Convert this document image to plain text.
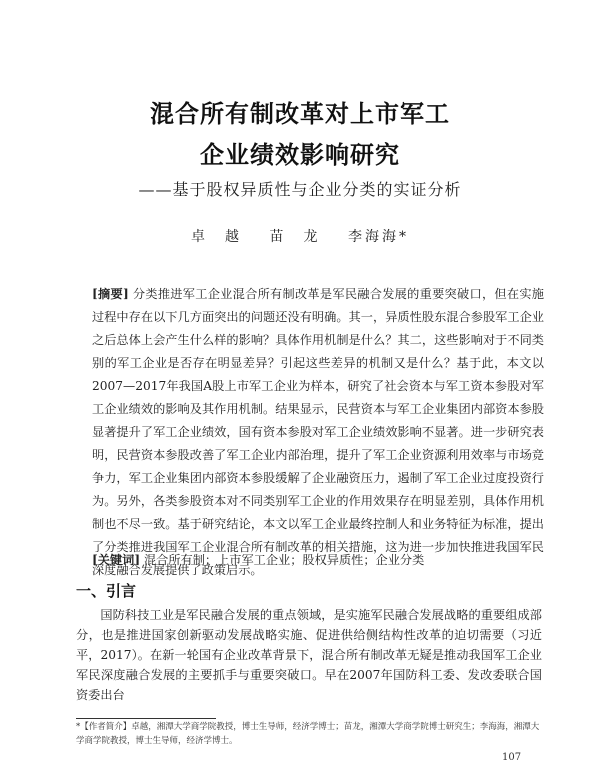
混合所有制改革对上市军工
企业绩效影响研究
——基于股权异质性与企业分类的实证分析
卓　越 苗　龙 李海海*
[摘要] 分类推进军工企业混合所有制改革是军民融合发展的重要突破口，但在实施过程中存在以下几方面突出的问题还没有明确。其一，异质性股东混合参股军工企业之后总体上会产生什么样的影响？具体作用机制是什么？其二，这些影响对于不同类别的军工企业是否存在明显差异？引起这些差异的机制又是什么？基于此，本文以2007—2017年我国A股上市军工企业为样本，研究了社会资本与军工资本参股对军工企业绩效的影响及其作用机制。结果显示，民营资本与军工企业集团内部资本参股显著提升了军工企业绩效，国有资本参股对军工企业绩效影响不显著。进一步研究表明，民营资本参股改善了军工企业内部治理，提升了军工企业资源利用效率与市场竞争力，军工企业集团内部资本参股缓解了企业融资压力，遏制了军工企业过度投资行为。另外，各类参股资本对不同类别军工企业的作用效果存在明显差别，具体作用机制也不尽一致。基于研究结论，本文以军工企业最终控制人和业务特征为标准，提出了分类推进我国军工企业混合所有制改革的相关措施，这为进一步加快推进我国军民深度融合发展提供了政策启示。
[关键词] 混合所有制；上市军工企业；股权异质性；企业分类
一、引言
国防科技工业是军民融合发展的重点领域，是实施军民融合发展战略的重要组成部分，也是推进国家创新驱动发展战略实施、促进供给侧结构性改革的迫切需要（习近平，2017）。在新一轮国有企业改革背景下，混合所有制改革无疑是推动我国军工企业军民深度融合发展的主要抓手与重要突破口。早在2007年国防科工委、发改委联合国资委出台
*【作者简介】卓越，湘潭大学商学院教授，博士生导师，经济学博士；苗龙，湘潭大学商学院博士研究生；李海海，湘潭大学商学院教授，博士生导师，经济学博士。
107
